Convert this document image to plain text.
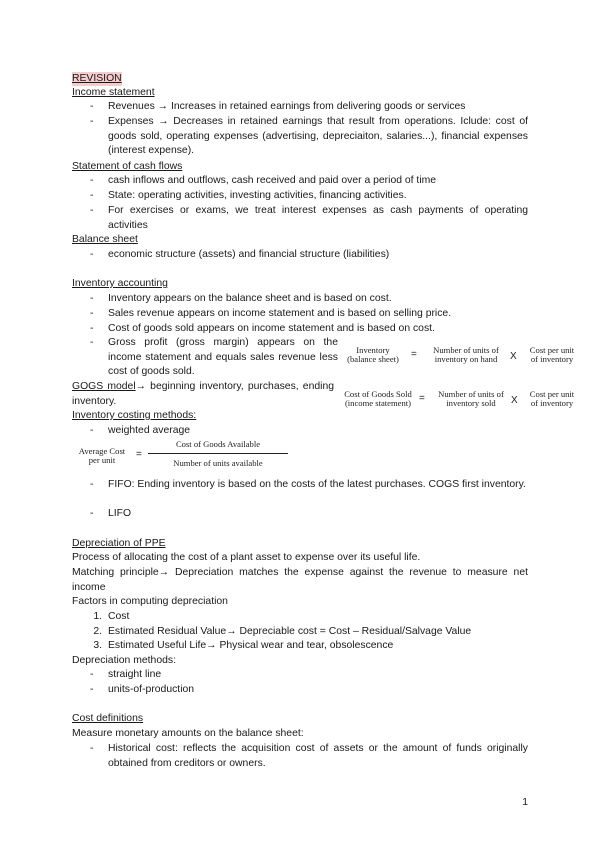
REVISION
Income statement
- Revenues → Increases in retained earnings from delivering goods or services
- Expenses → Decreases in retained earnings that result from operations. Iclude: cost of goods sold, operating expenses (advertising, depreciaiton, salaries...), financial expenses (interest expense).
Statement of cash flows
- cash inflows and outflows, cash received and paid over a period of time
- State: operating activities, investing activities, financing activities.
- For exercises or exams, we treat interest expenses as cash payments of operating activities
Balance sheet
- economic structure (assets) and financial structure (liabilities)
Inventory accounting
- Inventory appears on the balance sheet and is based on cost.
- Sales revenue appears on income statement and is based on selling price.
- Cost of goods sold appears on income statement and is based on cost.
- Gross profit (gross margin) appears on the income statement and equals sales revenue less cost of goods sold.
GOGS model→ beginning inventory, purchases, ending inventory.
Inventory
(balance sheet)	=	Number of units of
inventory on hand	X
Cost per unit
of inventory
Cost of Goods Sold
(income statement) =	Number of units of
inventory sold	X
Cost per unit
of inventory
Inventory costing methods:
- weighted average
Average Cost
per unit	=
Cost of Goods Available
Number of units available
- FIFO: Ending inventory is based on the costs of the latest purchases. COGS first inventory.
- LIFO
Depreciation of PPE
Process of allocating the cost of a plant asset to expense over its useful life.
Matching principle→ Depreciation matches the expense against the revenue to measure net income
Factors in computing depreciation
1. Cost
2. Estimated Residual Value→ Depreciable cost = Cost – Residual/Salvage Value
3. Estimated Useful Life→ Physical wear and tear, obsolescence
Depreciation methods:
- straight line
- units-of-production
Cost definitions
Measure monetary amounts on the balance sheet:
- Historical cost: reflects the acquisition cost of assets or the amount of funds originally obtained from creditors or owners.
1
